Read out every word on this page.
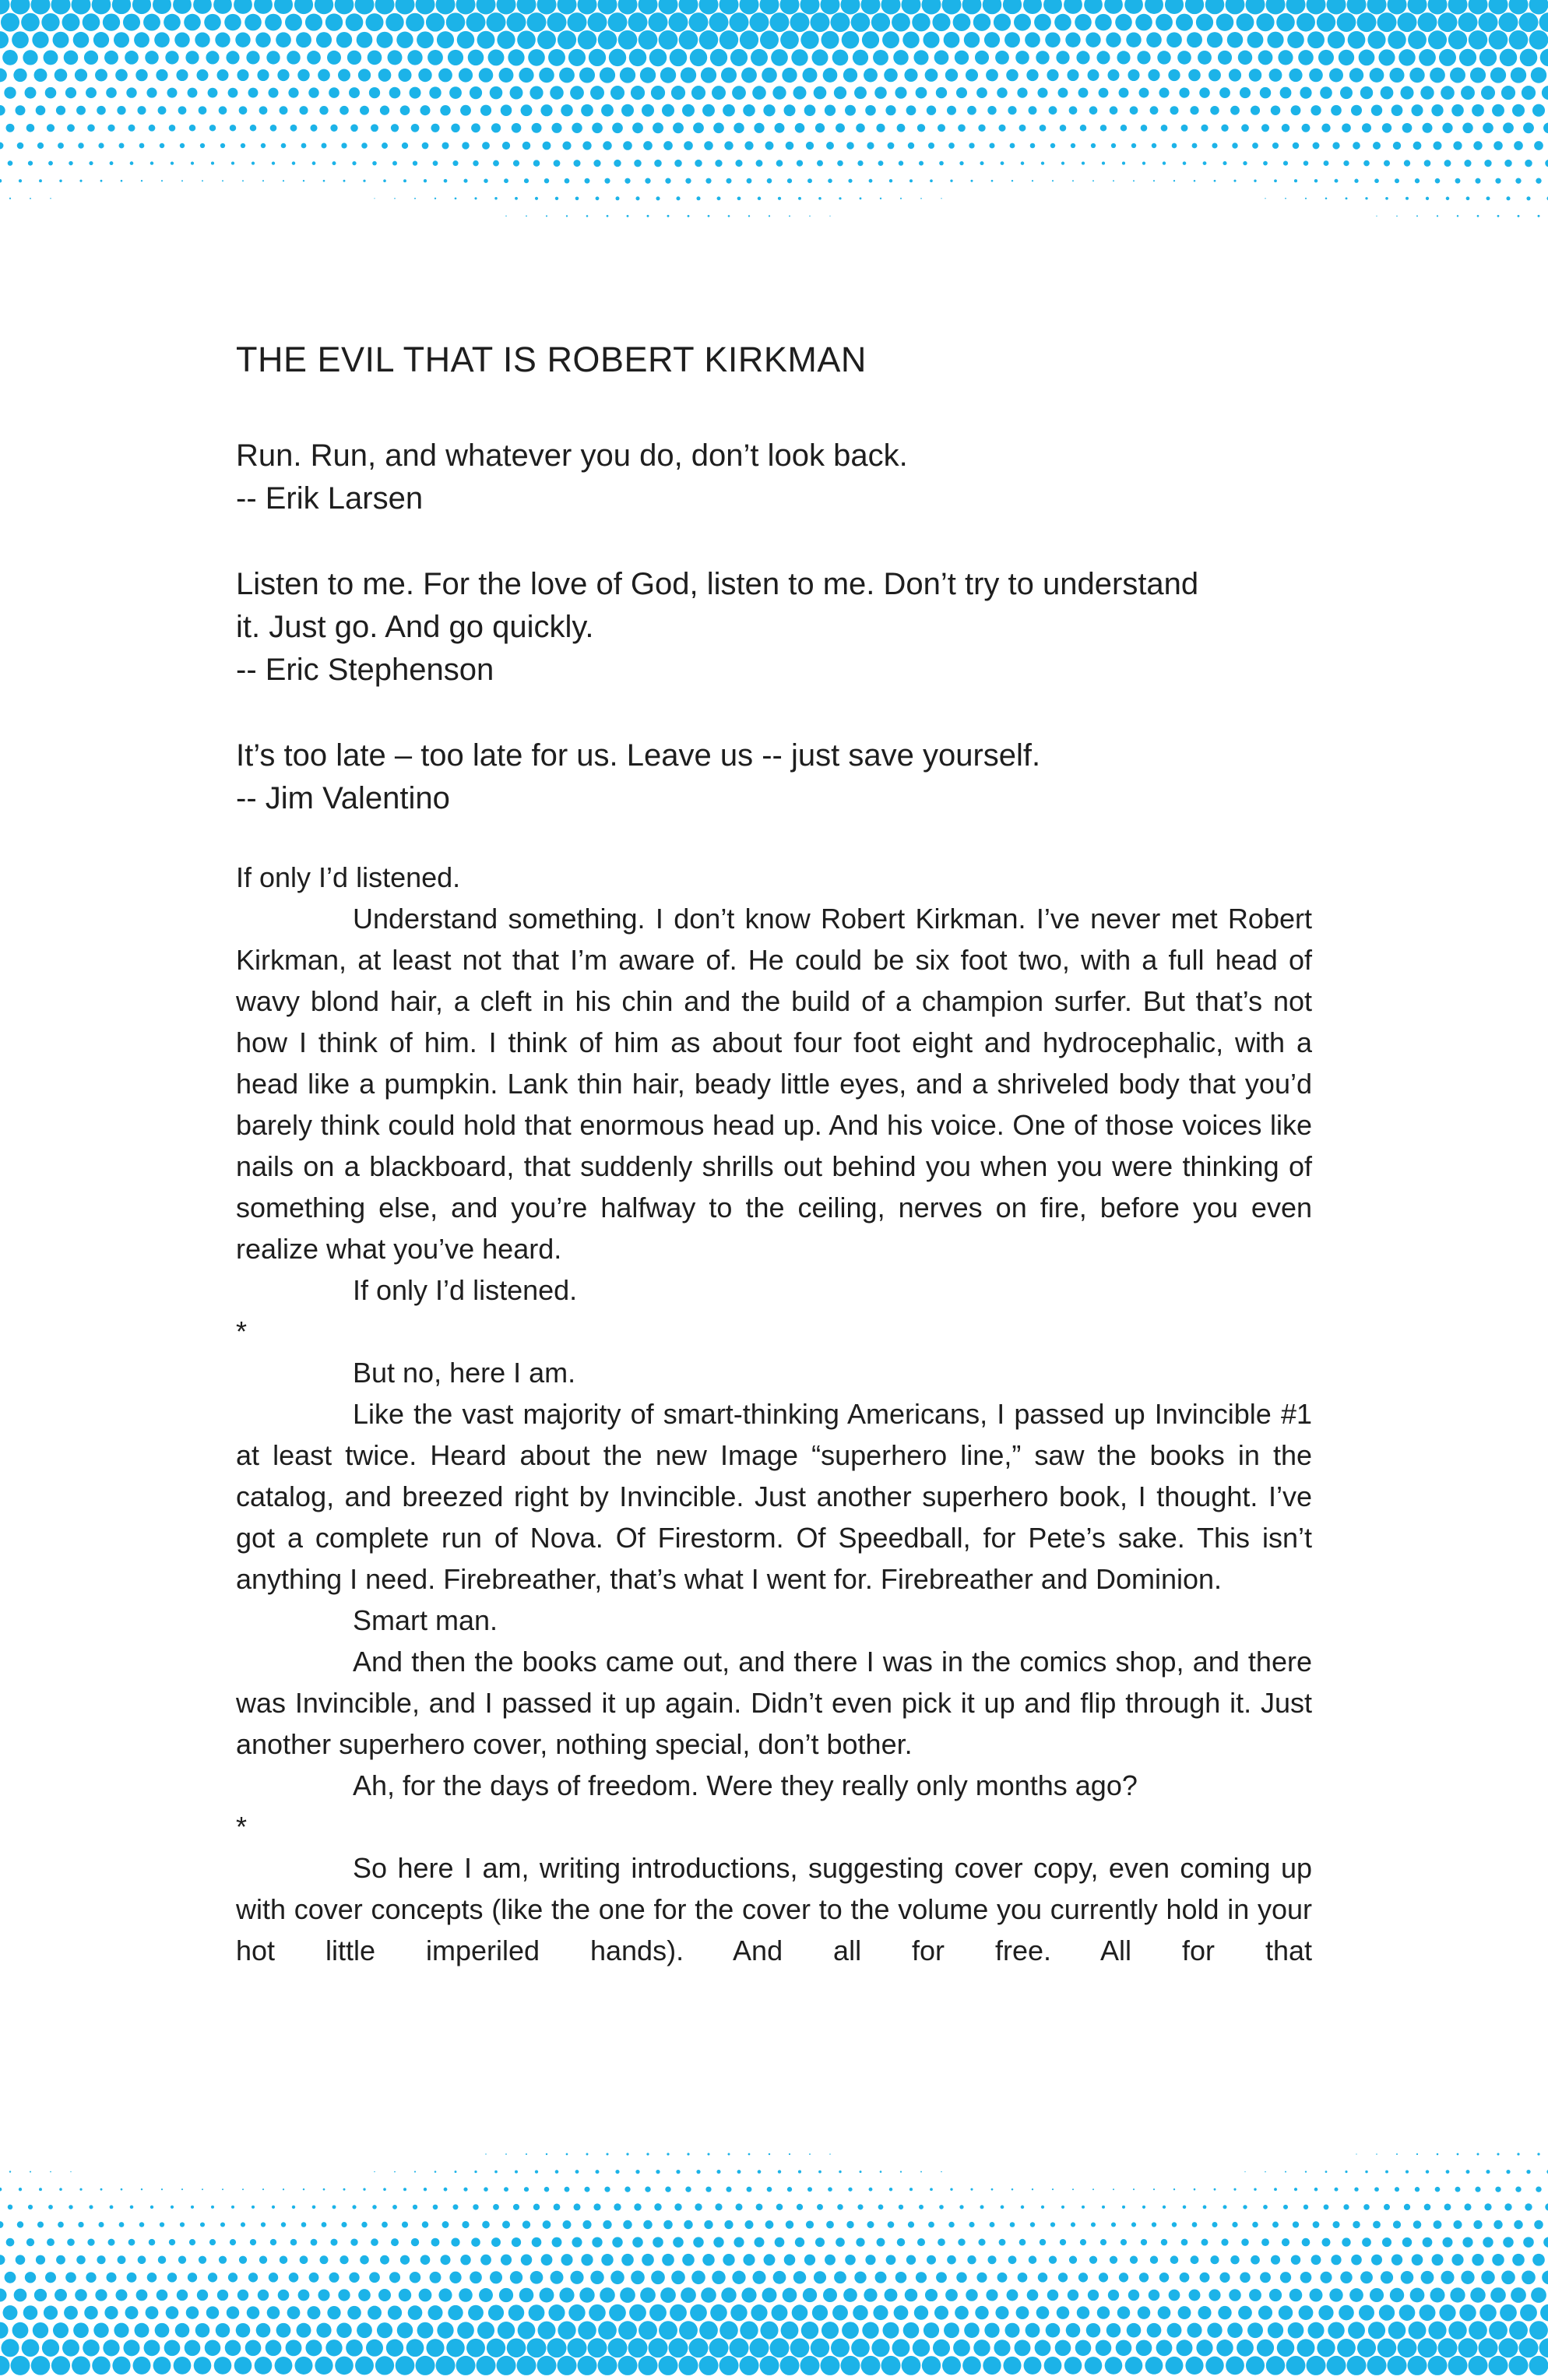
THE EVIL THAT IS ROBERT KIRKMAN
Run. Run, and whatever you do, don’t look back.
-- Erik Larsen
Listen to me. For the love of God, listen to me. Don’t try to understand
it. Just go. And go quickly.
-- Eric Stephenson
It’s too late – too late for us. Leave us -- just save yourself.
-- Jim Valentino

If only I’d listened.

Understand something. I don’t know Robert Kirkman. I’ve never met Robert Kirkman, at least not that I’m aware of. He could be six foot two, with a full head of wavy blond hair, a cleft in his chin and the build of a champion surfer. But that’s not how I think of him. I think of him as about four foot eight and hydrocephalic, with a head like a pumpkin. Lank thin hair, beady little eyes, and a shriveled body that you’d barely think could hold that enormous head up. And his voice. One of those voices like nails on a blackboard, that suddenly shrills out behind you when you were thinking of something else, and you’re halfway to the ceiling, nerves on fire, before you even realize what you’ve heard.

If only I’d listened.

*

But no, here I am.

Like the vast majority of smart-thinking Americans, I passed up Invincible #1 at least twice. Heard about the new Image “superhero line,” saw the books in the catalog, and breezed right by Invincible. Just another superhero book, I thought. I’ve got a complete run of Nova. Of Firestorm. Of Speedball, for Pete’s sake. This isn’t anything I need. Firebreather, that’s what I went for. Firebreather and Dominion.

Smart man.

And then the books came out, and there I was in the comics shop, and there was Invincible, and I passed it up again. Didn’t even pick it up and flip through it. Just another superhero cover, nothing special, don’t bother.

Ah, for the days of freedom. Were they really only months ago?

*

So here I am, writing introductions, suggesting cover copy, even coming up with cover concepts (like the one for the cover to the volume you currently hold in your hot little imperiled hands). And all for free. All for that
